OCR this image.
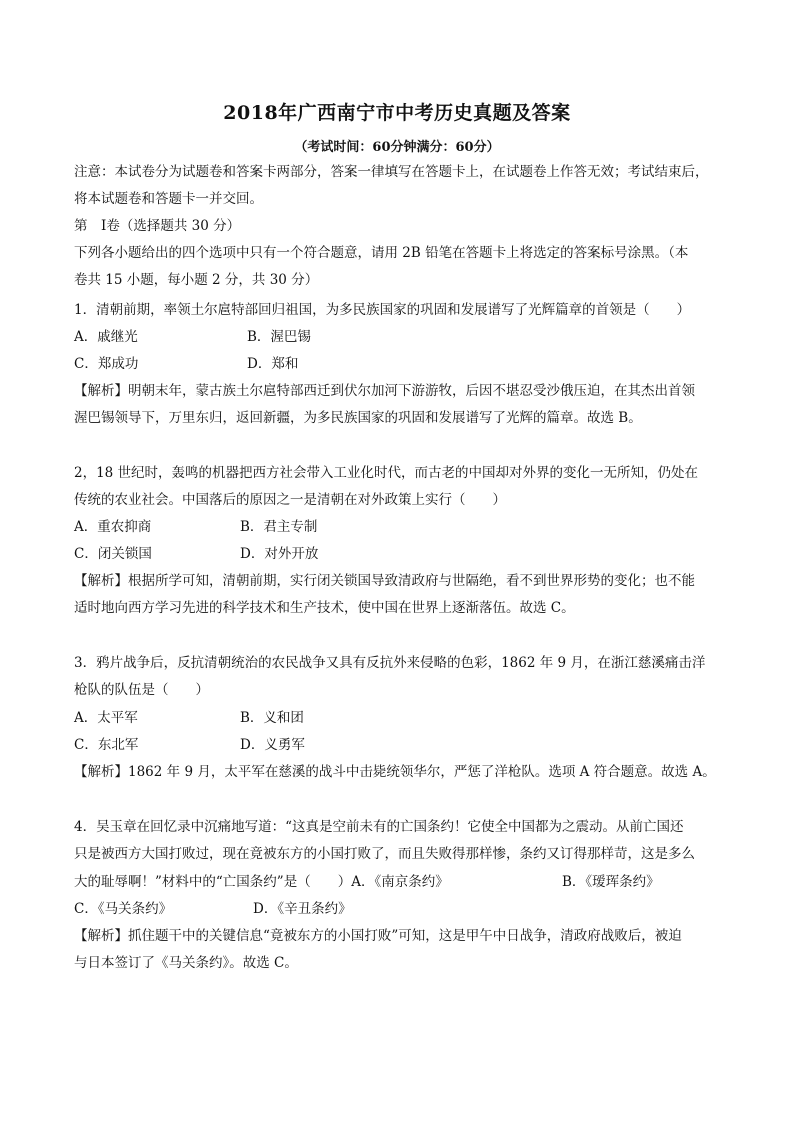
2018年广西南宁市中考历史真题及答案
（考试时间：60分钟满分：60分）
注意：本试卷分为试题卷和答案卡两部分，答案一律填写在答题卡上，在试题卷上作答无效；考试结束后，
将本试题卷和答题卡一并交回。
第　Ⅰ卷（选择题共 30 分）
下列各小题给出的四个选项中只有一个符合题意，请用 2B 铅笔在答题卡上将选定的答案标号涂黑。（本
卷共 15 小题，每小题 2 分，共 30 分）
1．清朝前期，率领土尔扈特部回归祖国，为多民族国家的巩固和发展谱写了光辉篇章的首领是（　　）
A．戚继光	B．渥巴锡
C．郑成功	D．郑和
【解析】明朝末年，蒙古族土尔扈特部西迁到伏尔加河下游游牧，后因不堪忍受沙俄压迫，在其杰出首领
渥巴锡领导下，万里东归，返回新疆，为多民族国家的巩固和发展谱写了光辉的篇章。故选 B。
2，18 世纪时，轰鸣的机器把西方社会带入工业化时代，而古老的中国却对外界的变化一无所知，仍处在
传统的农业社会。中国落后的原因之一是清朝在对外政策上实行（　　）
A．重农抑商	B．君主专制
C．闭关锁国	D．对外开放
【解析】根据所学可知，清朝前期，实行闭关锁国导致清政府与世隔绝，看不到世界形势的变化；也不能
适时地向西方学习先进的科学技术和生产技术，使中国在世界上逐渐落伍。故选 C。
3．鸦片战争后，反抗清朝统治的农民战争又具有反抗外来侵略的色彩，1862 年 9 月，在浙江慈溪痛击洋
枪队的队伍是（　　）
A．太平军	B．义和团
C．东北军	D．义勇军
【解析】1862 年 9 月，太平军在慈溪的战斗中击毙统领华尔，严惩了洋枪队。选项 A 符合题意。故选 A。
4．吴玉章在回忆录中沉痛地写道：“这真是空前未有的亡国条约！它使全中国都为之震动。从前亡国还
只是被西方大国打败过，现在竟被东方的小国打败了，而且失败得那样惨，条约又订得那样苛，这是多么
大的耻辱啊！”材料中的“亡国条约”是（　　）A．《南京条约》	B．《瑷珲条约》
C．《马关条约》	D．《辛丑条约》
【解析】抓住题干中的关键信息“竟被东方的小国打败”可知，这是甲午中日战争，清政府战败后，被迫
与日本签订了《马关条约》。故选 C。
